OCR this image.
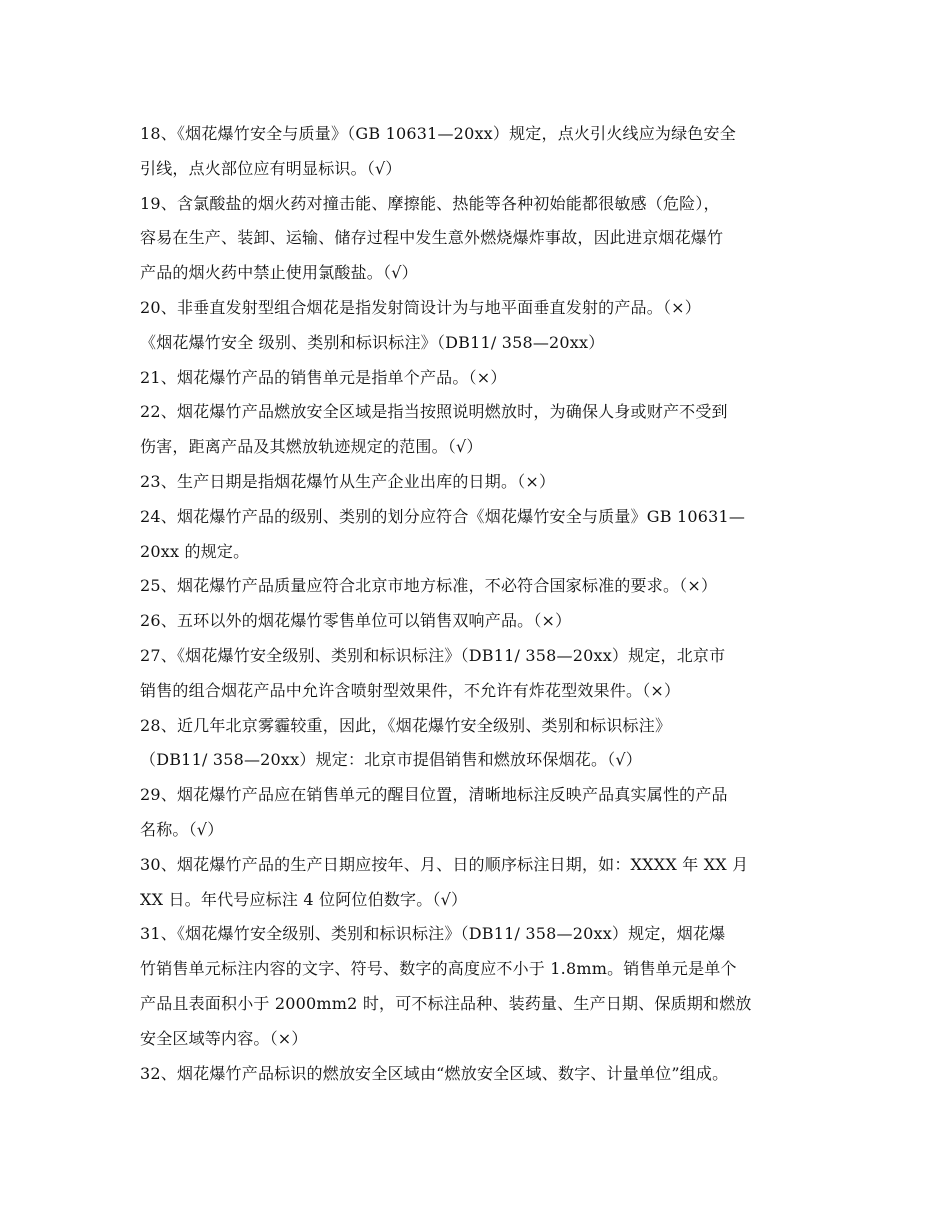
18、《烟花爆竹安全与质量》（GB 10631—20xx）规定，点火引火线应为绿色安全
引线，点火部位应有明显标识。（√）
19、含氯酸盐的烟火药对撞击能、摩擦能、热能等各种初始能都很敏感（危险），
容易在生产、装卸、运输、储存过程中发生意外燃烧爆炸事故，因此进京烟花爆竹
产品的烟火药中禁止使用氯酸盐。（√）
20、非垂直发射型组合烟花是指发射筒设计为与地平面垂直发射的产品。（×）
《烟花爆竹安全 级别、类别和标识标注》（DB11/ 358—20xx）
21、烟花爆竹产品的销售单元是指单个产品。（×）
22、烟花爆竹产品燃放安全区域是指当按照说明燃放时，为确保人身或财产不受到
伤害，距离产品及其燃放轨迹规定的范围。（√）
23、生产日期是指烟花爆竹从生产企业出库的日期。（×）
24、烟花爆竹产品的级别、类别的划分应符合《烟花爆竹安全与质量》GB 10631—
20xx 的规定。
25、烟花爆竹产品质量应符合北京市地方标准，不必符合国家标准的要求。（×）
26、五环以外的烟花爆竹零售单位可以销售双响产品。（×）
27、《烟花爆竹安全级别、类别和标识标注》（DB11/ 358—20xx）规定，北京市
销售的组合烟花产品中允许含喷射型效果件，不允许有炸花型效果件。（×）
28、近几年北京雾霾较重，因此，《烟花爆竹安全级别、类别和标识标注》
（DB11/ 358—20xx）规定：北京市提倡销售和燃放环保烟花。（√）
29、烟花爆竹产品应在销售单元的醒目位置，清晰地标注反映产品真实属性的产品
名称。（√）
30、烟花爆竹产品的生产日期应按年、月、日的顺序标注日期，如：XXXX 年 XX 月
XX 日。年代号应标注 4 位阿位伯数字。（√）
31、《烟花爆竹安全级别、类别和标识标注》（DB11/ 358—20xx）规定，烟花爆
竹销售单元标注内容的文字、符号、数字的高度应不小于 1.8mm。销售单元是单个
产品且表面积小于 2000mm2 时，可不标注品种、装药量、生产日期、保质期和燃放
安全区域等内容。（×）
32、烟花爆竹产品标识的燃放安全区域由“燃放安全区域、数字、计量单位”组成。
